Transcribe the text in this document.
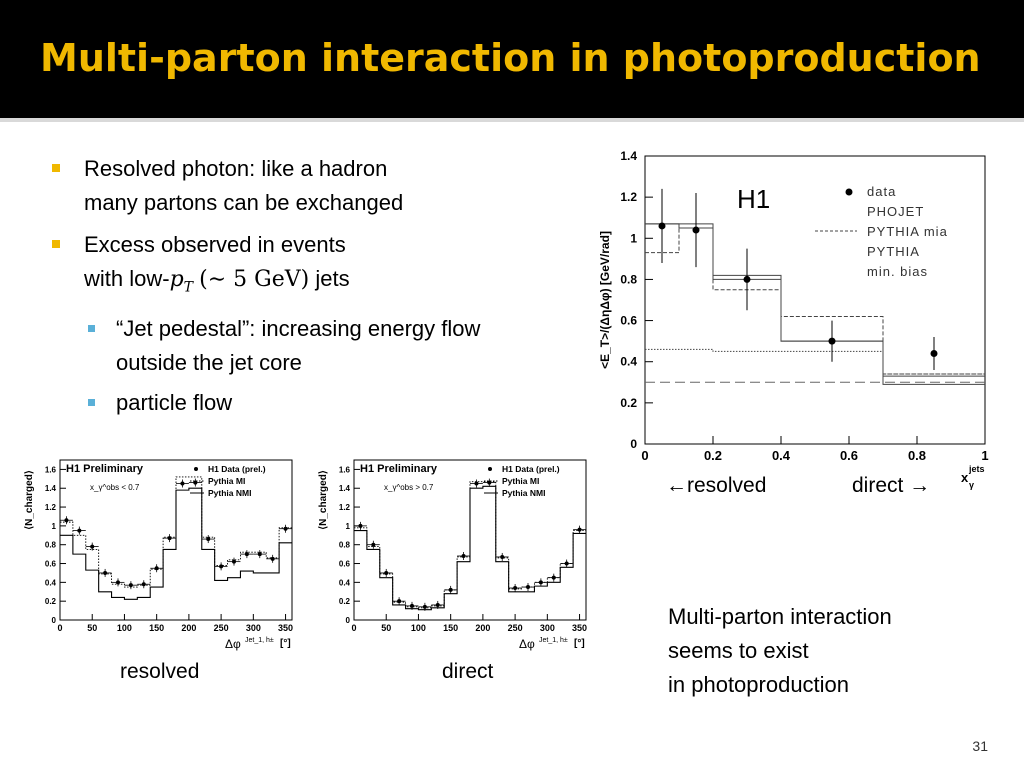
Multi-parton interaction in photoproduction
Resolved photon: like a hadron
many partons can be exchanged
Excess observed in events
with low-$p_T$ (∼ 5 GeV) jets
“Jet pedestal”: increasing energy flow
outside the jet core
particle flow
0	0.2	0.4	0.6	0.8	1
0
0.2
0.4
0.6
0.8
1
1.2
1.4
H1	data
PHOJET
PYTHIA mia
PYTHIA
min. bias
<E_T>/(ΔηΔφ) [GeV/rad]
x
jets
γ
0	50 100 150 200 250 300 350
0
0.2
0.4
0.6
0.8
1
1.2
1.4
1.6 H1 Preliminary
x_γ^obs < 0.7
H1 Data (prel.)
Pythia MI
Pythia NMI
⟨N_charged⟩
Δφ Jet_1, h± [°]
0	50 100 150 200 250 300 350
0
0.2
0.4
0.6
0.8
1
1.2
1.4
1.6 H1 Preliminary
x_γ^obs > 0.7
H1 Data (prel.)
Pythia MI
Pythia NMI
⟨N_charged⟩
Δφ Jet_1, h± [°]
←resolved	direct →
resolved	direct
Multi-parton interaction
seems to exist
in photoproduction
31
